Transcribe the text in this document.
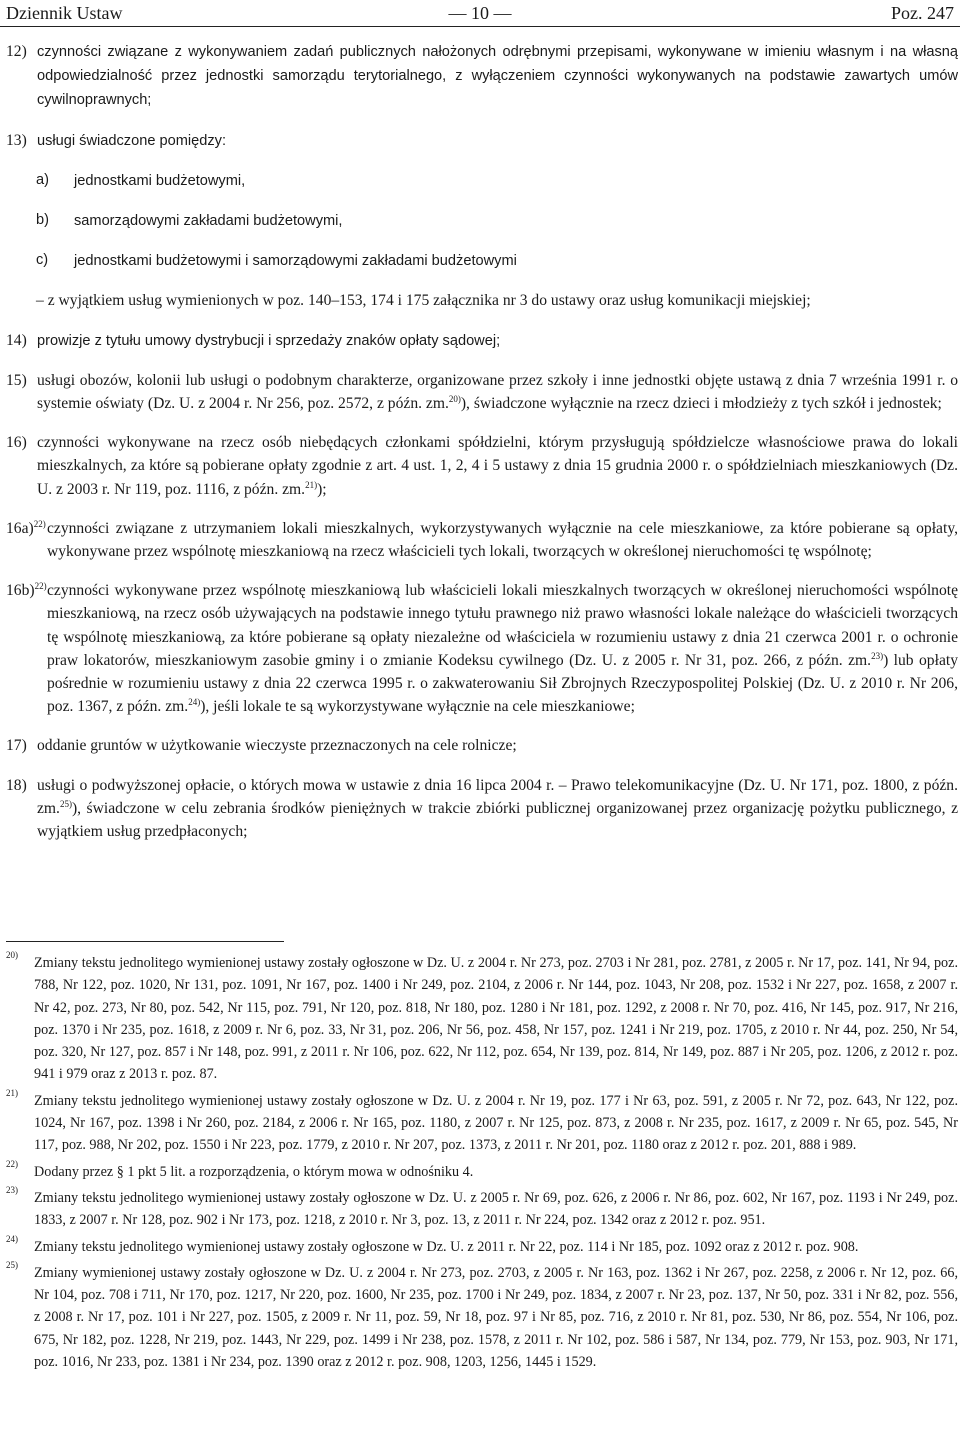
Dziennik Ustaw	— 10 —	Poz. 247
12) czynności związane z wykonywaniem zadań publicznych nałożonych odrębnymi przepisami, wykonywane w imieniu własnym i na własną odpowiedzialność przez jednostki samorządu terytorialnego, z wyłączeniem czynności wykonywanych na podstawie zawartych umów cywilnoprawnych;
13) usługi świadczone pomiędzy:
a) jednostkami budżetowymi,
b) samorządowymi zakładami budżetowymi,
c) jednostkami budżetowymi i samorządowymi zakładami budżetowymi
– z wyjątkiem usług wymienionych w poz. 140–153, 174 i 175 załącznika nr 3 do ustawy oraz usług komunikacji miejskiej;
14) prowizje z tytułu umowy dystrybucji i sprzedaży znaków opłaty sądowej;
15) usługi obozów, kolonii lub usługi o podobnym charakterze, organizowane przez szkoły i inne jednostki objęte ustawą z dnia 7 września 1991 r. o systemie oświaty (Dz. U. z 2004 r. Nr 256, poz. 2572, z późn. zm.$^{20)}$), świadczone wyłącznie na rzecz dzieci i młodzieży z tych szkół i jednostek;
16) czynności wykonywane na rzecz osób niebędących członkami spółdzielni, którym przysługują spółdzielcze własnościowe prawa do lokali mieszkalnych, za które są pobierane opłaty zgodnie z art. 4 ust. 1, 2, 4 i 5 ustawy z dnia 15 grudnia 2000 r. o spółdzielniach mieszkaniowych (Dz. U. z 2003 r. Nr 119, poz. 1116, z późn. zm.$^{21)}$);
16a)$^{22)}$ czynności związane z utrzymaniem lokali mieszkalnych, wykorzystywanych wyłącznie na cele mieszkaniowe, za które pobierane są opłaty, wykonywane przez wspólnotę mieszkaniową na rzecz właścicieli tych lokali, tworzących w określonej nieruchomości tę wspólnotę;
16b)$^{22)}$ czynności wykonywane przez wspólnotę mieszkaniową lub właścicieli lokali mieszkalnych tworzących w określonej nieruchomości wspólnotę mieszkaniową, na rzecz osób używających na podstawie innego tytułu prawnego niż prawo własności lokale należące do właścicieli tworzących tę wspólnotę mieszkaniową, za które pobierane są opłaty niezależne od właściciela w rozumieniu ustawy z dnia 21 czerwca 2001 r. o ochronie praw lokatorów, mieszkaniowym zasobie gminy i o zmianie Kodeksu cywilnego (Dz. U. z 2005 r. Nr 31, poz. 266, z późn. zm.$^{23)}$) lub opłaty pośrednie w rozumieniu ustawy z dnia 22 czerwca 1995 r. o zakwaterowaniu Sił Zbrojnych Rzeczypospolitej Polskiej (Dz. U. z 2010 r. Nr 206, poz. 1367, z późn. zm.$^{24)}$), jeśli lokale te są wykorzystywane wyłącznie na cele mieszkaniowe;
17) oddanie gruntów w użytkowanie wieczyste przeznaczonych na cele rolnicze;
18) usługi o podwyższonej opłacie, o których mowa w ustawie z dnia 16 lipca 2004 r. – Prawo telekomunikacyjne (Dz. U. Nr 171, poz. 1800, z późn. zm.$^{25)}$), świadczone w celu zebrania środków pieniężnych w trakcie zbiórki publicznej organizowanej przez organizację pożytku publicznego, z wyjątkiem usług przedpłaconych;
20) Zmiany tekstu jednolitego wymienionej ustawy zostały ogłoszone w Dz. U. z 2004 r. Nr 273, poz. 2703 i Nr 281, poz. 2781, z 2005 r. Nr 17, poz. 141, Nr 94, poz. 788, Nr 122, poz. 1020, Nr 131, poz. 1091, Nr 167, poz. 1400 i Nr 249, poz. 2104, z 2006 r. Nr 144, poz. 1043, Nr 208, poz. 1532 i Nr 227, poz. 1658, z 2007 r. Nr 42, poz. 273, Nr 80, poz. 542, Nr 115, poz. 791, Nr 120, poz. 818, Nr 180, poz. 1280 i Nr 181, poz. 1292, z 2008 r. Nr 70, poz. 416, Nr 145, poz. 917, Nr 216, poz. 1370 i Nr 235, poz. 1618, z 2009 r. Nr 6, poz. 33, Nr 31, poz. 206, Nr 56, poz. 458, Nr 157, poz. 1241 i Nr 219, poz. 1705, z 2010 r. Nr 44, poz. 250, Nr 54, poz. 320, Nr 127, poz. 857 i Nr 148, poz. 991, z 2011 r. Nr 106, poz. 622, Nr 112, poz. 654, Nr 139, poz. 814, Nr 149, poz. 887 i Nr 205, poz. 1206, z 2012 r. poz. 941 i 979 oraz z 2013 r. poz. 87.
21) Zmiany tekstu jednolitego wymienionej ustawy zostały ogłoszone w Dz. U. z 2004 r. Nr 19, poz. 177 i Nr 63, poz. 591, z 2005 r. Nr 72, poz. 643, Nr 122, poz. 1024, Nr 167, poz. 1398 i Nr 260, poz. 2184, z 2006 r. Nr 165, poz. 1180, z 2007 r. Nr 125, poz. 873, z 2008 r. Nr 235, poz. 1617, z 2009 r. Nr 65, poz. 545, Nr 117, poz. 988, Nr 202, poz. 1550 i Nr 223, poz. 1779, z 2010 r. Nr 207, poz. 1373, z 2011 r. Nr 201, poz. 1180 oraz z 2012 r. poz. 201, 888 i 989.
22) Dodany przez § 1 pkt 5 lit. a rozporządzenia, o którym mowa w odnośniku 4.
23) Zmiany tekstu jednolitego wymienionej ustawy zostały ogłoszone w Dz. U. z 2005 r. Nr 69, poz. 626, z 2006 r. Nr 86, poz. 602, Nr 167, poz. 1193 i Nr 249, poz. 1833, z 2007 r. Nr 128, poz. 902 i Nr 173, poz. 1218, z 2010 r. Nr 3, poz. 13, z 2011 r. Nr 224, poz. 1342 oraz z 2012 r. poz. 951.
24) Zmiany tekstu jednolitego wymienionej ustawy zostały ogłoszone w Dz. U. z 2011 r. Nr 22, poz. 114 i Nr 185, poz. 1092 oraz z 2012 r. poz. 908.
25) Zmiany wymienionej ustawy zostały ogłoszone w Dz. U. z 2004 r. Nr 273, poz. 2703, z 2005 r. Nr 163, poz. 1362 i Nr 267, poz. 2258, z 2006 r. Nr 12, poz. 66, Nr 104, poz. 708 i 711, Nr 170, poz. 1217, Nr 220, poz. 1600, Nr 235, poz. 1700 i Nr 249, poz. 1834, z 2007 r. Nr 23, poz. 137, Nr 50, poz. 331 i Nr 82, poz. 556, z 2008 r. Nr 17, poz. 101 i Nr 227, poz. 1505, z 2009 r. Nr 11, poz. 59, Nr 18, poz. 97 i Nr 85, poz. 716, z 2010 r. Nr 81, poz. 530, Nr 86, poz. 554, Nr 106, poz. 675, Nr 182, poz. 1228, Nr 219, poz. 1443, Nr 229, poz. 1499 i Nr 238, poz. 1578, z 2011 r. Nr 102, poz. 586 i 587, Nr 134, poz. 779, Nr 153, poz. 903, Nr 171, poz. 1016, Nr 233, poz. 1381 i Nr 234, poz. 1390 oraz z 2012 r. poz. 908, 1203, 1256, 1445 i 1529.
